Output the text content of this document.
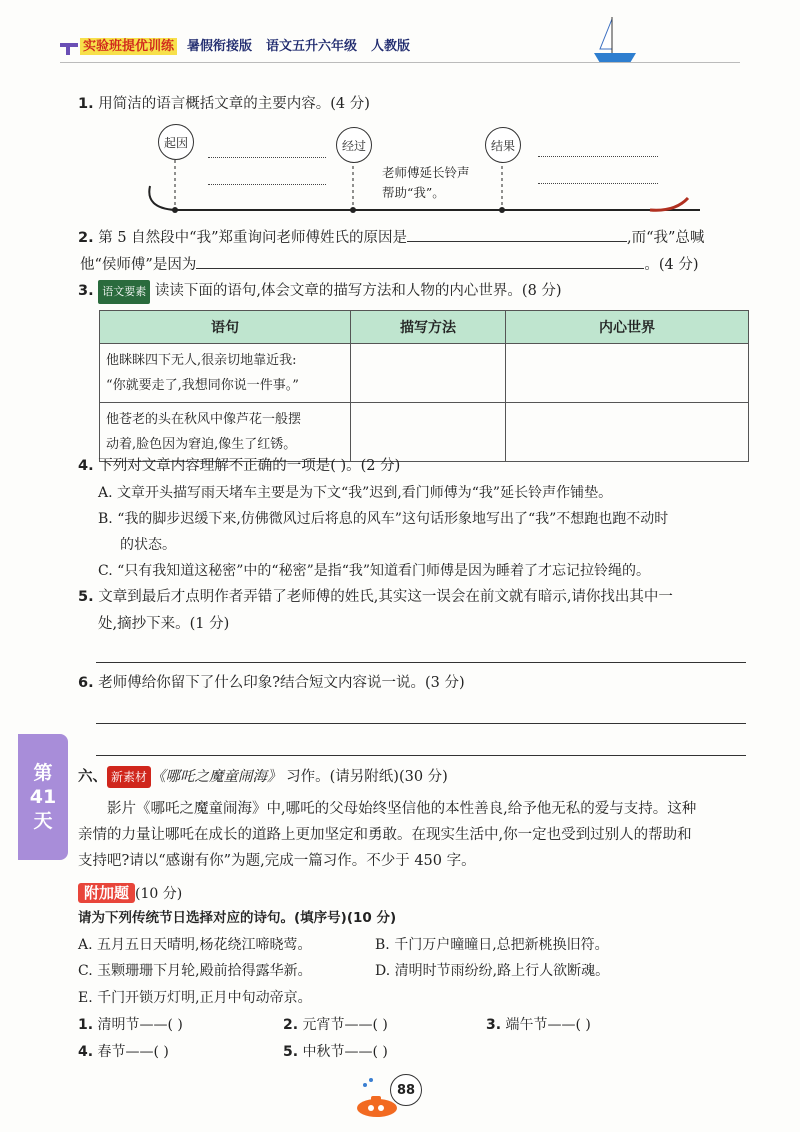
实验班提优训练 暑假衔接版 语文五升六年级 人教版
1. 用简洁的语言概括文章的主要内容。(4 分)
起因	经过	结果
老师傅延长铃声
帮助“我”。
2. 第 5 自然段中“我”郑重询问老师傅姓氏的原因是	,而“我”总喊
他“侯师傅”是因为	。(4 分)
3. 语文要素 读读下面的语句,体会文章的描写方法和人物的内心世界。(8 分)
语句	描写方法	内心世界

他眯眯四下无人,很亲切地靠近我:
“你就要走了,我想同你说一件事。”		

他苍老的头在秋风中像芦花一般摆
动着,脸色因为窘迫,像生了红锈。		

4. 下列对文章内容理解不正确的一项是( )。(2 分)
A. 文章开头描写雨天堵车主要是为下文“我”迟到,看门师傅为“我”延长铃声作铺垫。
B. “我的脚步迟缓下来,仿佛微风过后将息的风车”这句话形象地写出了“我”不想跑也跑不动时
的状态。
C. “只有我知道这秘密”中的“秘密”是指“我”知道看门师傅是因为睡着了才忘记拉铃绳的。
5. 文章到最后才点明作者弄错了老师傅的姓氏,其实这一误会在前文就有暗示,请你找出其中一
处,摘抄下来。(1 分)
6. 老师傅给你留下了什么印象?结合短文内容说一说。(3 分)
第
41
天
六、 新素材 《哪吒之魔童闹海》 习作。(请另附纸)(30 分)
影片《哪吒之魔童闹海》中,哪吒的父母始终坚信他的本性善良,给予他无私的爱与支持。这种
亲情的力量让哪吒在成长的道路上更加坚定和勇敢。在现实生活中,你一定也受到过别人的帮助和
支持吧?请以“感谢有你”为题,完成一篇习作。不少于 450 字。
附加题 (10 分)
请为下列传统节日选择对应的诗句。(填序号)(10 分)
A. 五月五日天晴明,杨花绕江啼晓莺。	B. 千门万户曈曈日,总把新桃换旧符。
C. 玉颗珊珊下月轮,殿前拾得露华新。	D. 清明时节雨纷纷,路上行人欲断魂。
E. 千门开锁万灯明,正月中旬动帝京。
1. 清明节——( )	2. 元宵节——( )	3. 端午节——( )
4. 春节——( )	5. 中秋节——( )
88
